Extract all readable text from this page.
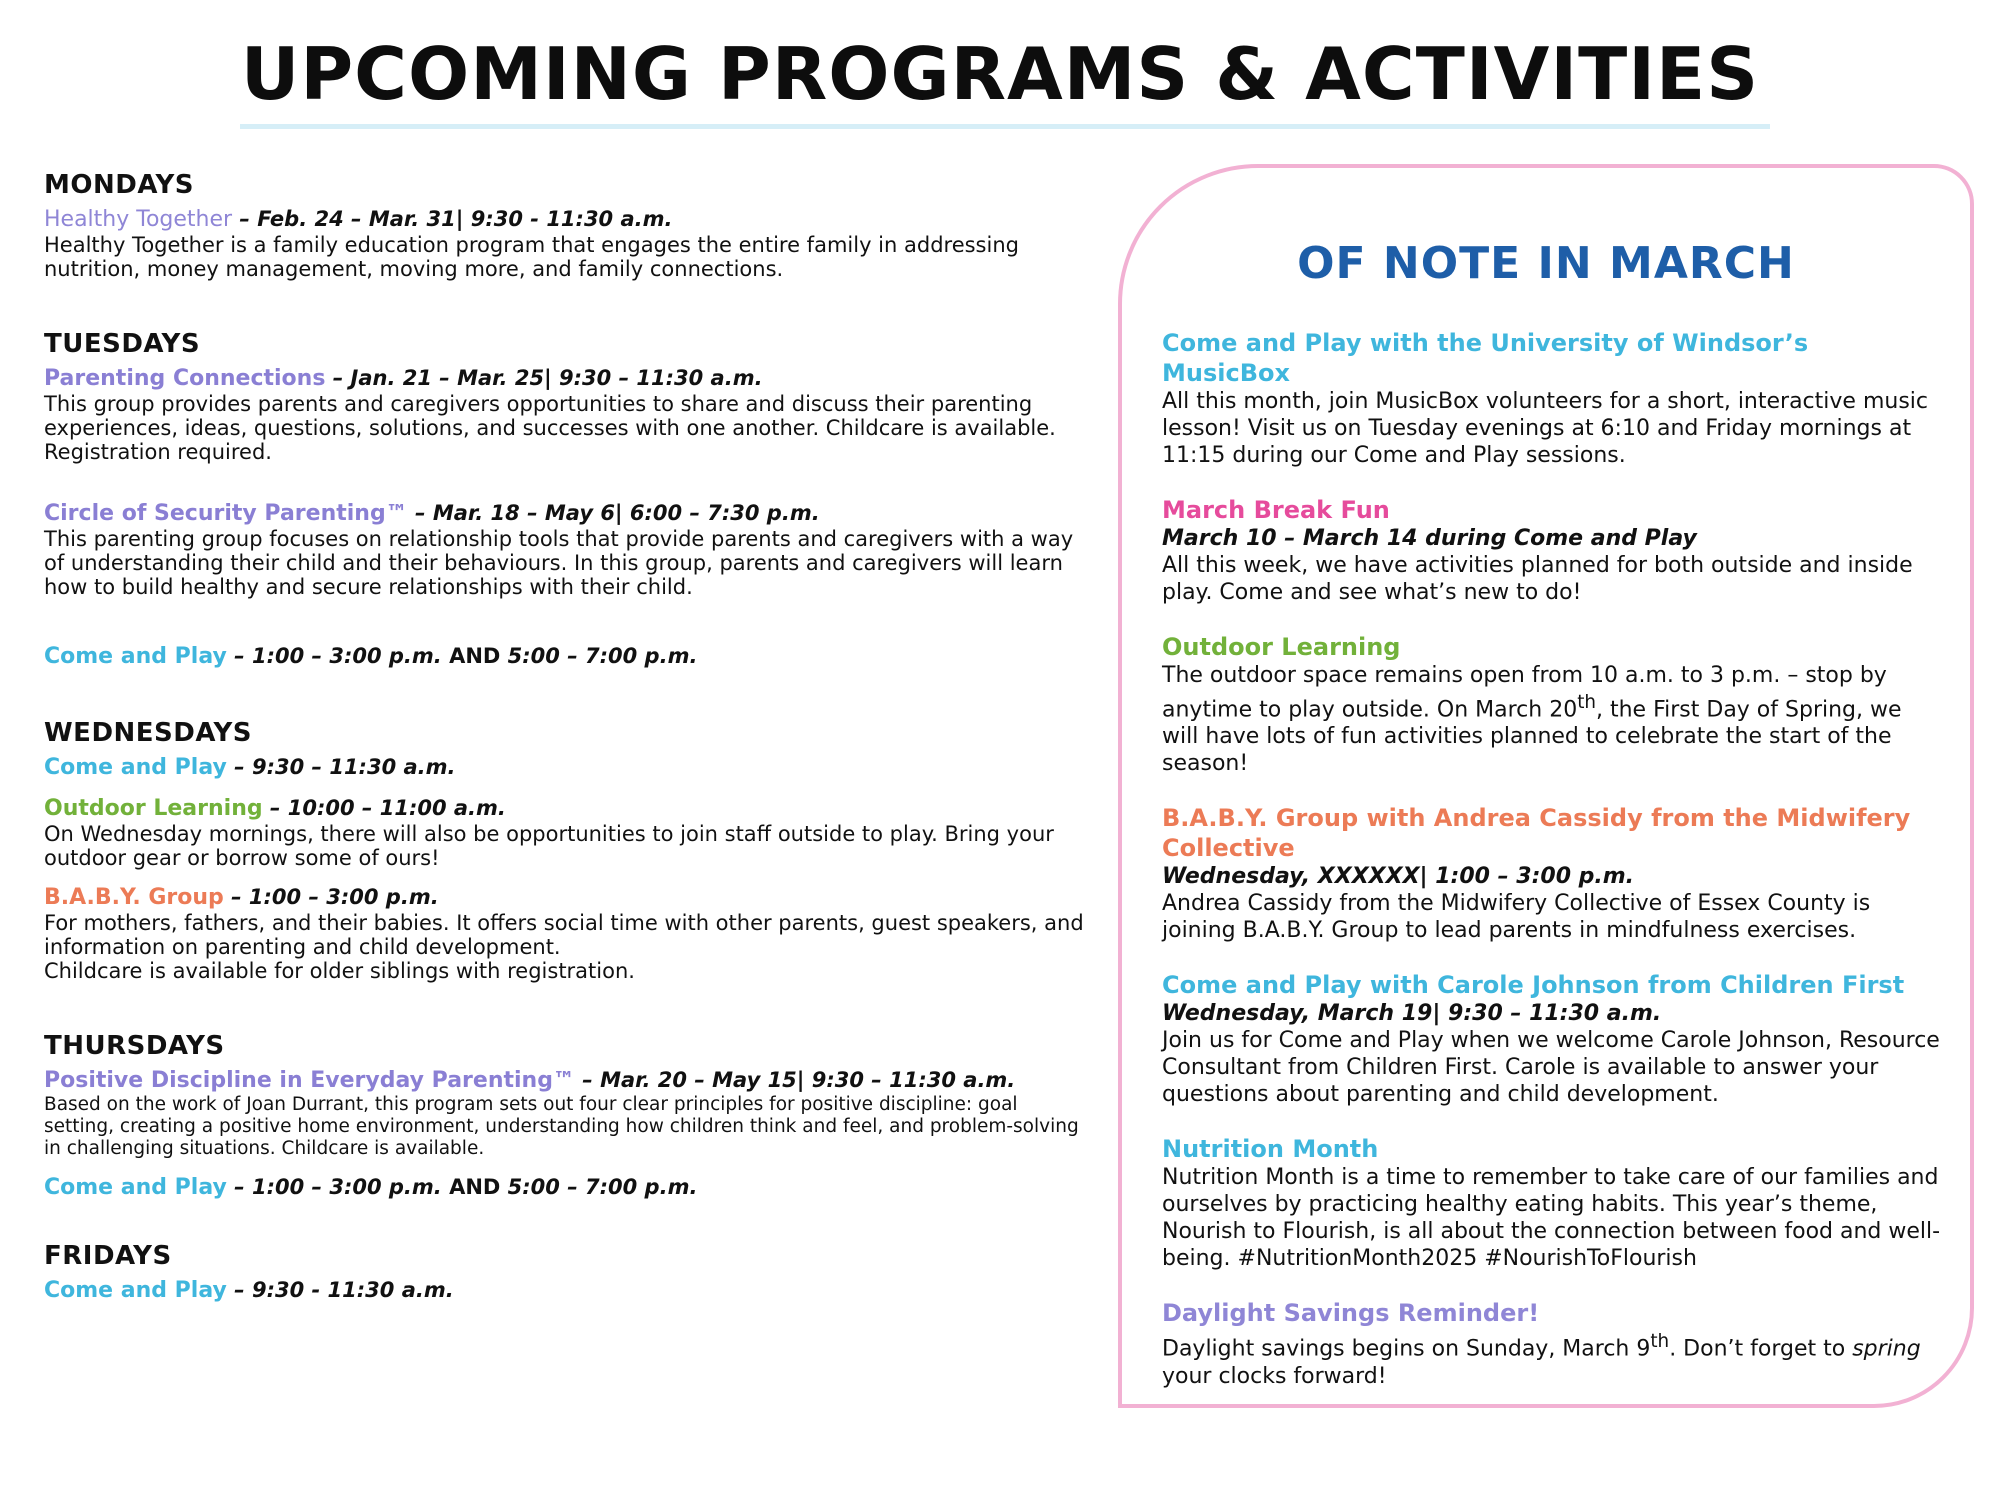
UPCOMING PROGRAMS & ACTIVITIES
MONDAYS
Healthy Together – Feb. 24 – Mar. 31| 9:30 - 11:30 a.m.
Healthy Together is a family education program that engages the entire family in addressing nutrition, money management, moving more, and family connections.
TUESDAYS
Parenting Connections – Jan. 21 – Mar. 25| 9:30 – 11:30 a.m.
This group provides parents and caregivers opportunities to share and discuss their parenting experiences, ideas, questions, solutions, and successes with one another. Childcare is available. Registration required.
Circle of Security Parenting™ – Mar. 18 – May 6| 6:00 – 7:30 p.m.
This parenting group focuses on relationship tools that provide parents and caregivers with a way of understanding their child and their behaviours. In this group, parents and caregivers will learn how to build healthy and secure relationships with their child.
Come and Play – 1:00 – 3:00 p.m. AND 5:00 – 7:00 p.m.
WEDNESDAYS
Come and Play – 9:30 – 11:30 a.m.
Outdoor Learning – 10:00 – 11:00 a.m.
On Wednesday mornings, there will also be opportunities to join staff outside to play. Bring your outdoor gear or borrow some of ours!
B.A.B.Y. Group – 1:00 – 3:00 p.m.
For mothers, fathers, and their babies. It offers social time with other parents, guest speakers, and information on parenting and child development.
Childcare is available for older siblings with registration.
THURSDAYS
Positive Discipline in Everyday Parenting™ – Mar. 20 – May 15| 9:30 – 11:30 a.m.
Based on the work of Joan Durrant, this program sets out four clear principles for positive discipline: goal setting, creating a positive home environment, understanding how children think and feel, and problem-solving in challenging situations. Childcare is available.
Come and Play – 1:00 – 3:00 p.m. AND 5:00 – 7:00 p.m.
FRIDAYS
Come and Play – 9:30 - 11:30 a.m.
OF NOTE IN MARCH
Come and Play with the University of Windsor’s MusicBox
All this month, join MusicBox volunteers for a short, interactive music lesson! Visit us on Tuesday evenings at 6:10 and Friday mornings at 11:15 during our Come and Play sessions.
March Break Fun
March 10 – March 14 during Come and Play
All this week, we have activities planned for both outside and inside play. Come and see what’s new to do!
Outdoor Learning
The outdoor space remains open from 10 a.m. to 3 p.m. – stop by anytime to play outside. On March 20th, the First Day of Spring, we will have lots of fun activities planned to celebrate the start of the season!
B.A.B.Y. Group with Andrea Cassidy from the Midwifery Collective
Wednesday, XXXXXX| 1:00 – 3:00 p.m.
Andrea Cassidy from the Midwifery Collective of Essex County is joining B.A.B.Y. Group to lead parents in mindfulness exercises.
Come and Play with Carole Johnson from Children First
Wednesday, March 19| 9:30 – 11:30 a.m.
Join us for Come and Play when we welcome Carole Johnson, Resource Consultant from Children First. Carole is available to answer your questions about parenting and child development.
Nutrition Month
Nutrition Month is a time to remember to take care of our families and ourselves by practicing healthy eating habits. This year’s theme, Nourish to Flourish, is all about the connection between food and well-being. #NutritionMonth2025 #NourishToFlourish
Daylight Savings Reminder!
Daylight savings begins on Sunday, March 9th. Don’t forget to spring your clocks forward!
